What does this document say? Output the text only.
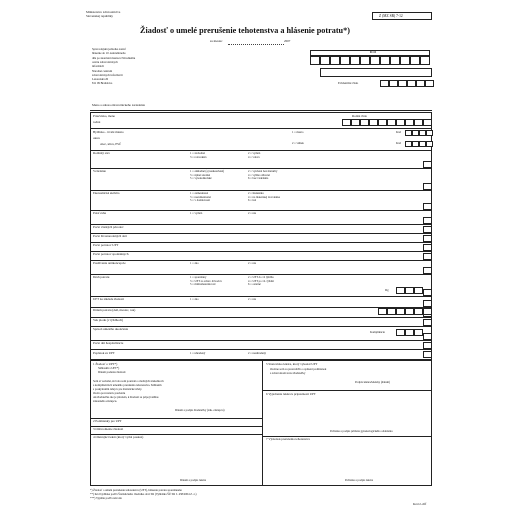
Ministerstvo zdravotníctva
Slovenskej republiky	Z (MZ SR) 7-12
Žiadosť o umelé prerušenie tehotenstva a hlásenie potratu*)
za mesiac	2007
Spravodajská jednotka zaslať
hlásenie do 10. kalendárneho
dňa po skončení mesiaca Národnému
centru zdravotníckych
informácií
Národné centrum
zdravotníckych informácií
Lazaretská 26
811 09 Bratislava
IČO
Evidenčné číslo
Meno a adresa zdravotníckeho zariadenia
Priezvisko, meno
rodné
Rodné číslo
Bydlisko - trvalé miesto
okres
obec, ulica, PSČ
1 = mesto
2 = vidiek
Kód
Kód
Rodinný stav	1 = slobodná	2 = vydatá
3 = rozvedená	4 = vdova
Vzdelanie	1 = základné (aj neukončené)	2 = vyučená bez maturity
3 = úplné stredné	4 = vyššie odborné
5 = vysokoškolské	6 = bez vzdelania
Ekonomická aktivita	1 = zamestnaná	2 = študentka
3 = nezamestnaná	4 = na materskej dovolenke
5 = v domácnosti	6 = iná
Poisťovňa	1 = vydatá	2 = nie
Počet všetkých pôrodov
Počet živonarodených detí
Počet potratov UPT
Počet potratov spontánnych
Používanie antikoncepcie	1 = áno	2 = nie
Druh potratu	1 = spontánny	2 = UPT do 12 týždňa
3 = UPT zo zdrav. dôvodov	4 = UPT po 12. týždni
5 = mimomaternicové	6 = ostatné
Dg
UPT na základe žiadosti	1 = áno	2 = nie
Dátum potratu (deň, mesiac, rok)
Vek plodu (v týždňoch)
Spôsob umelého ukončenia
Komplikácie
Počet dní hospitalizácie
Poplatok za UPT	1 = uhradený	2 = neuhradený
1 Žiadosť o UPT*)
Súhlasím s UPT*)
Dátum podania žiadosti
Som si vedomá, že bola som poučená o možných následkoch
a komplikáciách umelého prerušenia tehotenstva. Súhlasím
s poskytnutím údajov pre štatistické účely.
Osoba poverená k poučeniu
Ak žiadateľka nie je plnoletá, k žiadosti sa pripojí súhlas
zákonného zástupcu.
Dátum a podpis žiadateľky (zák. zástupcu)
2 Podmienky pre UPT
3 Odôvodnenie žiadosti
4 Ošetrujúci lekár (ktorý vydal poukaz)
Dátum a podpis lekára
5 Stanovisko lekára, ktorý vykonal UPT
Osobne som sa presvedčila o splnení podmienok
a zdravotnom stave žiadateľky
Podpis lekára/lekárky (dátum)
6 Vyjadrenie lekára k pripustnosti UPT
Pečiatka a podpis primára gynekologického oddelenia
7 Výsledok prerušenia tehotenstva
Pečiatka a podpis lekára
*) Žiadosť o umelé prerušenie tehotenstva (UPT), hlásenie potratu spontánneho
**) Kód bydliska podľa Štatistického číselníka obcí SR (Vyhláška ŠÚ SR č. 438/2004 Z. z.)
***) Vyplňte podľa návodu
Kód 2-ciff
